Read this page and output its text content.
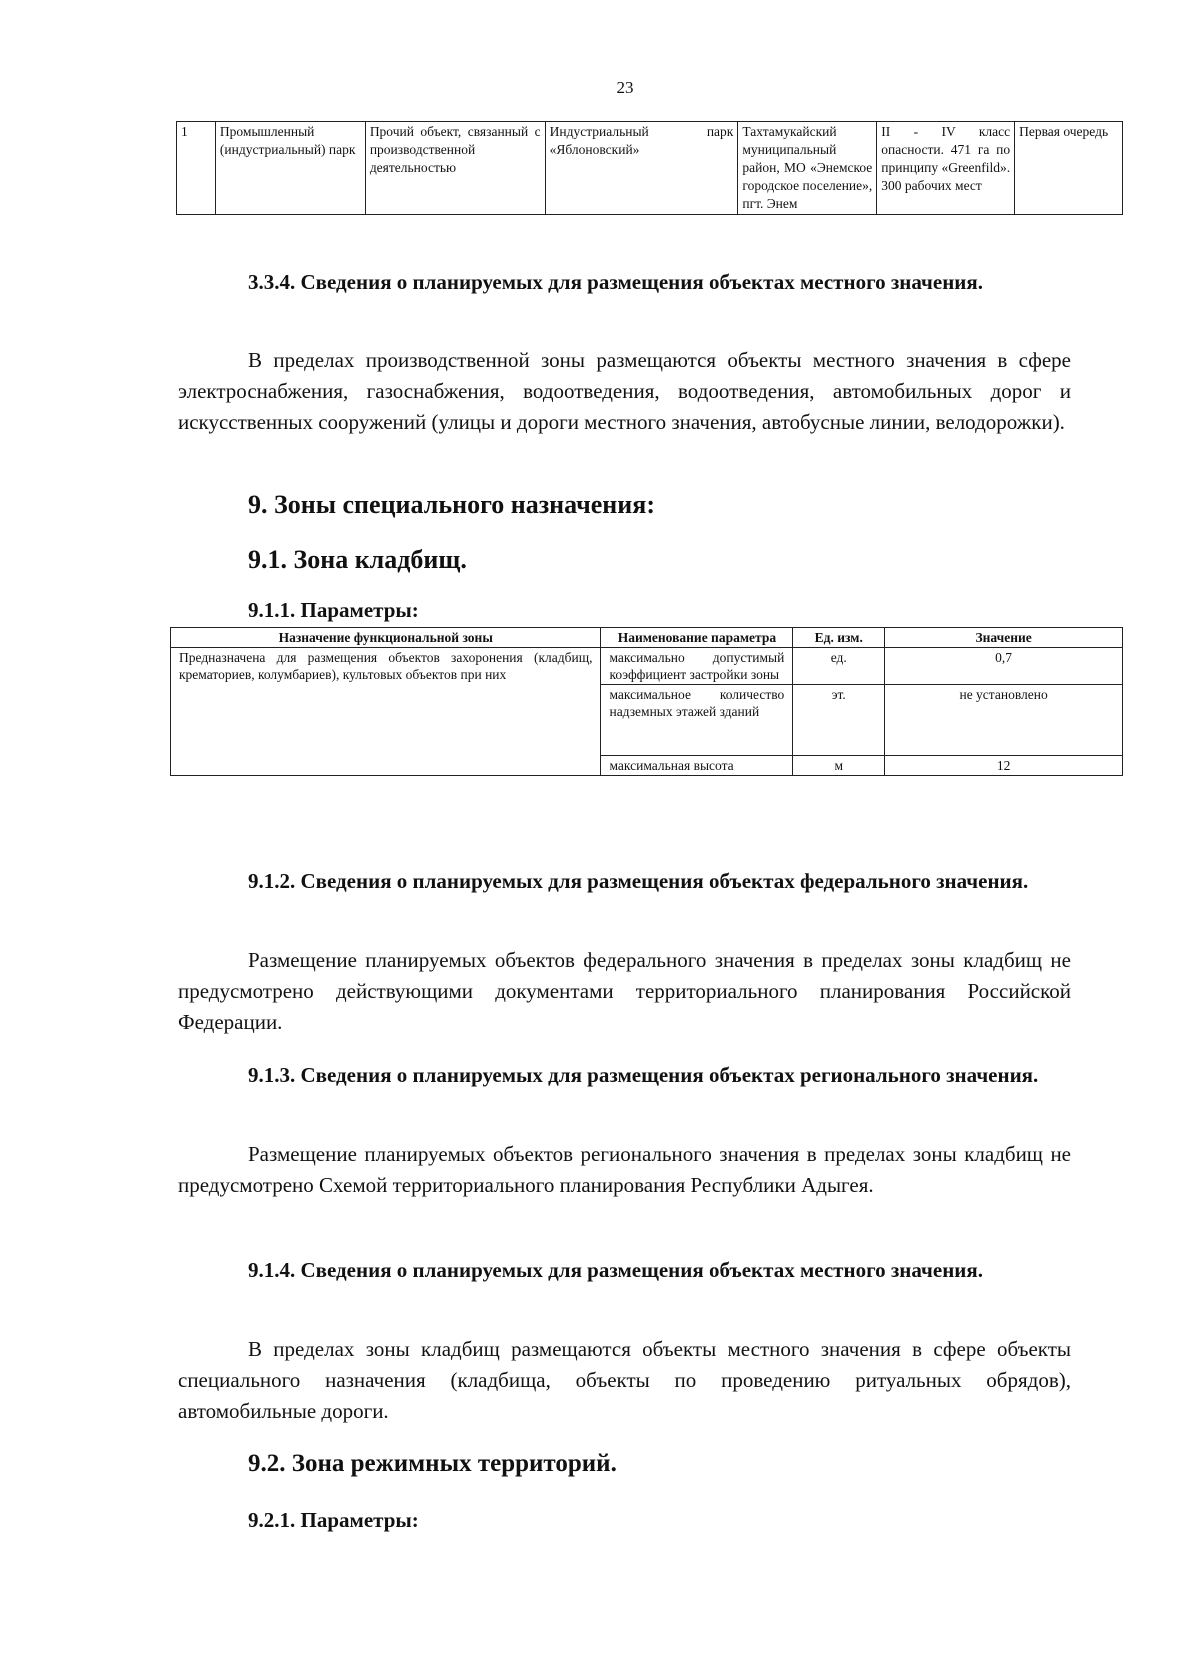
23
1	Промышленный (индустриальный) парк	Прочий объект, связанный с производственной деятельностью	Индустриальный парк «Яблоновский»	Тахтамукайский муниципальный район, МО «Энемское городское поселение», пгт. Энем	II - IV класс опасности. 471 га по принципу «Greenfild». 300 рабочих мест	Первая очередь
3.3.4. Сведения о планируемых для размещения объектах местного значения.
В пределах производственной зоны размещаются объекты местного значения в сфере электроснабжения, газоснабжения, водоотведения, водоотведения, автомобильных дорог и искусственных сооружений (улицы и дороги местного значения, автобусные линии, велодорожки).
9. Зоны специального назначения:
9.1. Зона кладбищ.
9.1.1. Параметры:
Назначение функциональной зоны	Наименование параметра	Ед. изм.	Значение
Предназначена для размещения объектов захоронения (кладбищ, крематориев, колумбариев), культовых объектов при них	максимально допустимый коэффициент застройки зоны	ед.	0,7
	максимальное количество надземных этажей зданий	эт.	не установлено
	максимальная высота	м	12
9.1.2. Сведения о планируемых для размещения объектах федерального значения.
Размещение планируемых объектов федерального значения в пределах зоны кладбищ не предусмотрено действующими документами территориального планирования Российской Федерации.
9.1.3. Сведения о планируемых для размещения объектах регионального значения.
Размещение планируемых объектов регионального значения в пределах зоны кладбищ не предусмотрено Схемой территориального планирования Республики Адыгея.
9.1.4. Сведения о планируемых для размещения объектах местного значения.
В пределах зоны кладбищ размещаются объекты местного значения в сфере объекты специального назначения (кладбища, объекты по проведению ритуальных обрядов), автомобильные дороги.
9.2. Зона режимных территорий.
9.2.1. Параметры:
